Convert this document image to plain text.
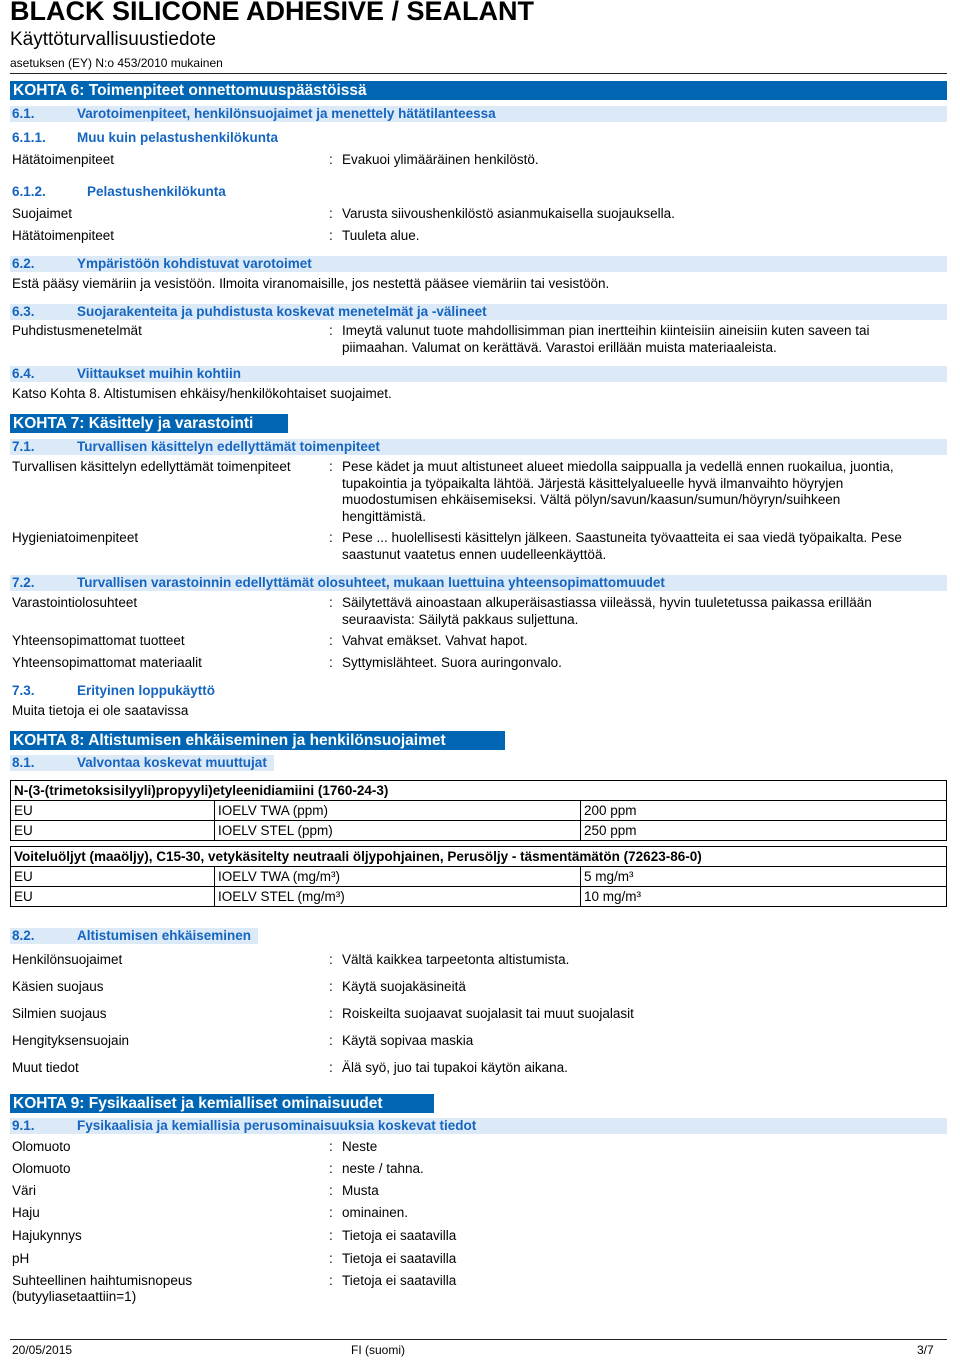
BLACK SILICONE ADHESIVE / SEALANT
Käyttöturvallisuustiedote
asetuksen (EY) N:o 453/2010 mukainen
KOHTA 6: Toimenpiteet onnettomuuspäästöissä
6.1.	Varotoimenpiteet, henkilönsuojaimet ja menettely hätätilanteessa
6.1.1. Muu kuin pelastushenkilökunta
Hätätoimenpiteet	: Evakuoi ylimääräinen henkilöstö.
6.1.2.	Pelastushenkilökunta
Suojaimet	: Varusta siivoushenkilöstö asianmukaisella suojauksella.
Hätätoimenpiteet	: Tuuleta alue.
6.2.	Ympäristöön kohdistuvat varotoimet
Estä pääsy viemäriin ja vesistöön. Ilmoita viranomaisille, jos nestettä pääsee viemäriin tai vesistöön.
6.3.	Suojarakenteita ja puhdistusta koskevat menetelmät ja -välineet
Puhdistusmenetelmät	: Imeytä valunut tuote mahdollisimman pian inertteihin kiinteisiin aineisiin kuten saveen tai piimaahan. Valumat on kerättävä. Varastoi erillään muista materiaaleista.
6.4.	Viittaukset muihin kohtiin
Katso Kohta 8. Altistumisen ehkäisy/henkilökohtaiset suojaimet.
KOHTA 7: Käsittely ja varastointi
7.1.	Turvallisen käsittelyn edellyttämät toimenpiteet
Turvallisen käsittelyn edellyttämät toimenpiteet	: Pese kädet ja muut altistuneet alueet miedolla saippualla ja vedellä ennen ruokailua, juontia, tupakointia ja työpaikalta lähtöä. Järjestä käsittelyalueelle hyvä ilmanvaihto höyryjen muodostumisen ehkäisemiseksi. Vältä pölyn/savun/kaasun/sumun/höyryn/suihkeen hengittämistä.
Hygieniatoimenpiteet	: Pese ... huolellisesti käsittelyn jälkeen. Saastuneita työvaatteita ei saa viedä työpaikalta. Pese saastunut vaatetus ennen uudelleenkäyttöä.
7.2.	Turvallisen varastoinnin edellyttämät olosuhteet, mukaan luettuina yhteensopimattomuudet
Varastointiolosuhteet	: Säilytettävä ainoastaan alkuperäisastiassa viileässä, hyvin tuuletetussa paikassa erillään seuraavista: Säilytä pakkaus suljettuna.
Yhteensopimattomat tuotteet	: Vahvat emäkset. Vahvat hapot.
Yhteensopimattomat materiaalit	: Syttymislähteet. Suora auringonvalo.
7.3.	Erityinen loppukäyttö
Muita tietoja ei ole saatavissa
KOHTA 8: Altistumisen ehkäiseminen ja henkilönsuojaimet
8.1.	Valvontaa koskevat muuttujat
N-(3-(trimetoksisilyyli)propyyli)etyleenidiamiini (1760-24-3)		
EU	IOELV TWA (ppm)	200 ppm
EU	IOELV STEL (ppm)	250 ppm
Voiteluöljyt (maaöljy), C15-30, vetykäsitelty neutraali öljypohjainen, Perusöljy - täsmentämätön (72623-86-0)		
EU	IOELV TWA (mg/m³)	5 mg/m³
EU	IOELV STEL (mg/m³)	10 mg/m³
8.2.	Altistumisen ehkäiseminen
Henkilönsuojaimet	: Vältä kaikkea tarpeetonta altistumista.
Käsien suojaus	: Käytä suojakäsineitä
Silmien suojaus	: Roiskeilta suojaavat suojalasit tai muut suojalasit
Hengityksensuojain	: Käytä sopivaa maskia
Muut tiedot	: Älä syö, juo tai tupakoi käytön aikana.
KOHTA 9: Fysikaaliset ja kemialliset ominaisuudet
9.1.	Fysikaalisia ja kemiallisia perusominaisuuksia koskevat tiedot
Olomuoto	: Neste
Olomuoto	: neste / tahna.
Väri	: Musta
Haju	: ominainen.
Hajukynnys	: Tietoja ei saatavilla
pH	: Tietoja ei saatavilla
Suhteellinen haihtumisnopeus (butyyliasetaattiin=1)
: Tietoja ei saatavilla
20/05/2015	FI (suomi)	3/7
